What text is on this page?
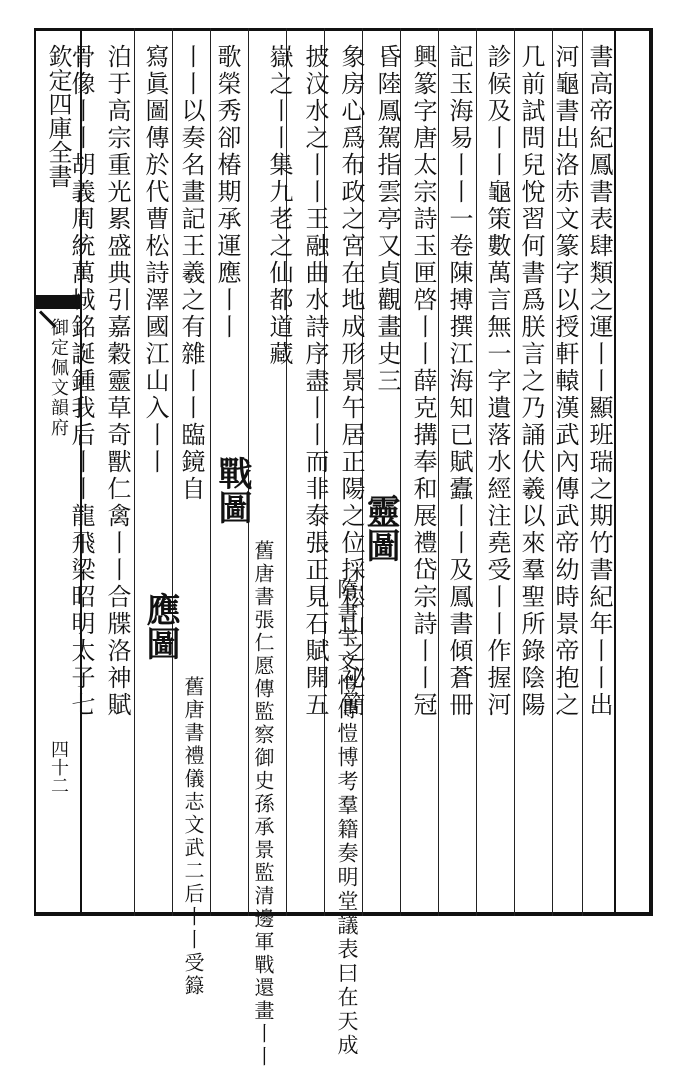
欽定四庫全書
御定佩文韻府
四十二
書高帝紀鳳書表肆類之運丨丨顯班瑞之期竹書紀年丨丨出
河龜書出洛赤文篆字以授軒轅漢武內傳武帝幼時景帝抱之
几前試問兒悅習何書爲朕言之乃誦伏羲以來羣聖所錄陰陽
診候及丨丨龜策數萬言無一字遺落水經注堯受丨丨作握河
記玉海易丨丨一卷陳搏撰江海知已賦蠹丨丨及鳳書傾蒼冊
興篆字唐太宗詩玉匣啓丨丨薛克搆奉和展禮岱宗詩丨丨冠
昏陸鳳駕指雲亭又貞觀畫史三
象房心爲布政之宮在地成形景午居正陽之位採崧山之祕簡
披汶水之丨丨王融曲水詩序盡丨丨而非泰張正見石賦開五
嶽之丨丨集九老之仙都道藏
歌榮秀卻椿期承運應丨丨
丨丨以奏名畫記王羲之有雜丨丨臨鏡自
寫眞圖傳於代曹松詩澤國江山入丨丨
泊于高宗重光累盛典引嘉穀靈草奇獸仁禽丨丨合牒洛神賦
骨像丨丨胡義周統萬城銘誕鍾我后丨丨龍飛梁昭明太子七	靈圖
隋書宇文愷傳愷博考羣籍奏明堂議表曰在天成
戰圖
舊唐書張仁愿傳監察御史孫承景監清邊軍戰還畫丨丨
應圖
舊唐書禮儀志文武二后丨丨受籙
